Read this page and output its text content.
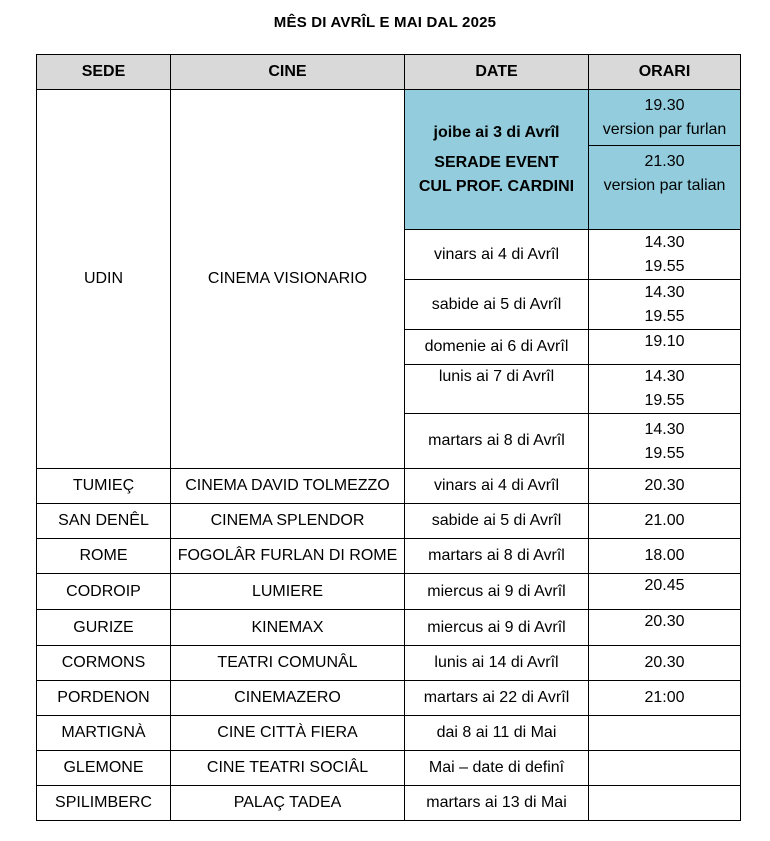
MÊS DI AVRÎL E MAI DAL 2025
SEDE	CINE	DATE	ORARI
UDIN	CINEMA VISIONARIO	joibe ai 3 di Avrîl
SERADE EVENT
CUL PROF. CARDINI	19.30
version par furlan

			21.30
version par talian

		vinars ai 4 di Avrîl	14.30
19.55

		sabide ai 5 di Avrîl	14.30
19.55

		domenie ai 6 di Avrîl	19.10

		lunis ai 7 di Avrîl	14.30
19.55

		martars ai 8 di Avrîl	14.30
19.55

TUMIEÇ	CINEMA DAVID TOLMEZZO	vinars ai 4 di Avrîl	20.30
SAN DENÊL	CINEMA SPLENDOR	sabide ai 5 di Avrîl	21.00
ROME	FOGOLÂR FURLAN DI ROME	martars ai 8 di Avrîl	18.00
CODROIP	LUMIERE	miercus ai 9 di Avrîl	20.45
GURIZE	KINEMAX	miercus ai 9 di Avrîl	20.30
CORMONS	TEATRI COMUNÂL	lunis ai 14 di Avrîl	20.30
PORDENON	CINEMAZERO	martars ai 22 di Avrîl	21:00
MARTIGNÀ	CINE CITTÀ FIERA	dai 8 ai 11 di Mai	
GLEMONE	CINE TEATRI SOCIÂL	Mai – date di definî	
SPILIMBERC	PALAÇ TADEA	martars ai 13 di Mai	
